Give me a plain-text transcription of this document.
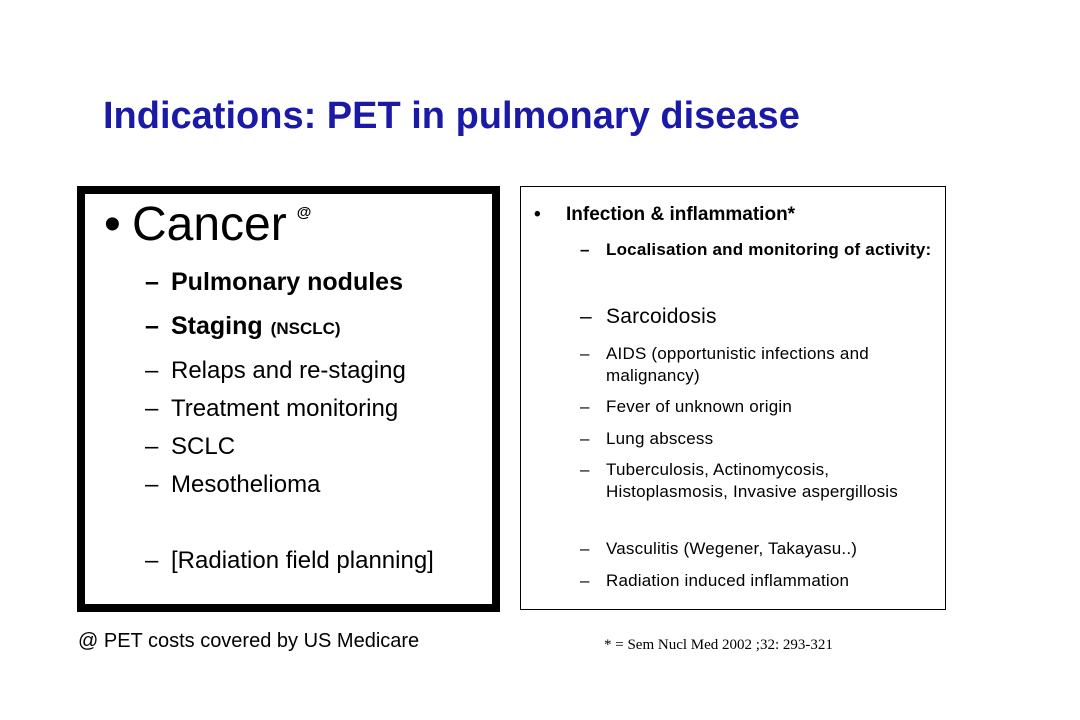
Indications: PET in pulmonary disease
• Cancer @
– Pulmonary nodules
– Staging (NSCLC)
– Relaps and re-staging
– Treatment monitoring
– SCLC
– Mesothelioma
– [Radiation field planning]
• Infection & inflammation*
– Localisation and monitoring of activity:
– Sarcoidosis
– AIDS (opportunistic infections and malignancy)
– Fever of unknown origin
– Lung abscess
– Tuberculosis, Actinomycosis, Histoplasmosis, Invasive aspergillosis
– Vasculitis (Wegener, Takayasu..)
– Radiation induced inflammation
@ PET costs covered by US Medicare	* = Sem Nucl Med 2002 ;32: 293-321
